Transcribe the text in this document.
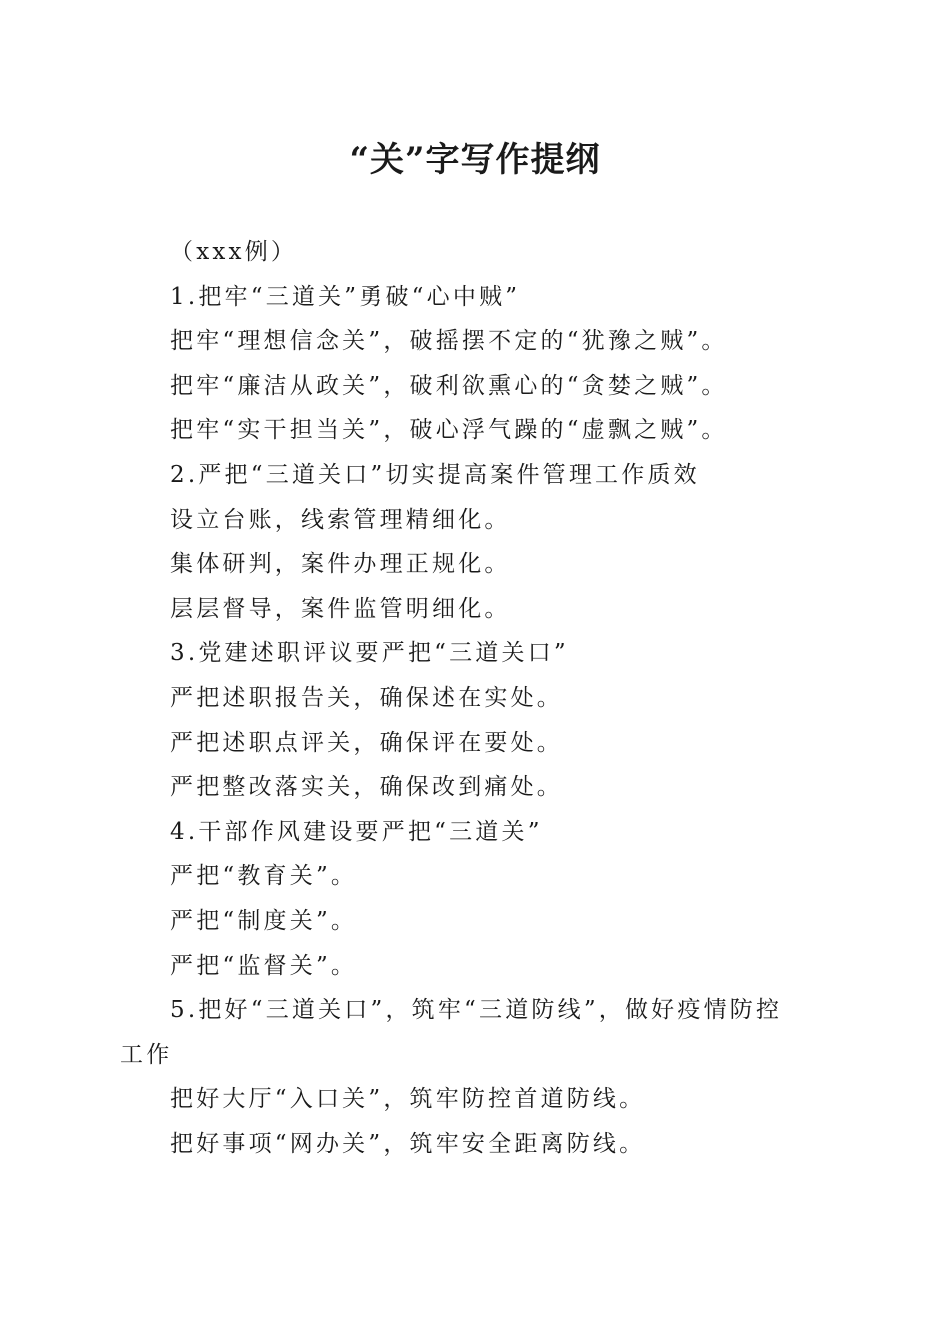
“关”字写作提纲

（xxx例）

1.把牢“三道关”勇破“心中贼”

把牢“理想信念关”，破摇摆不定的“犹豫之贼”。

把牢“廉洁从政关”，破利欲熏心的“贪婪之贼”。

把牢“实干担当关”，破心浮气躁的“虚飘之贼”。

2.严把“三道关口”切实提高案件管理工作质效

设立台账，线索管理精细化。

集体研判，案件办理正规化。

层层督导，案件监管明细化。

3.党建述职评议要严把“三道关口”

严把述职报告关，确保述在实处。

严把述职点评关，确保评在要处。

严把整改落实关，确保改到痛处。

4.干部作风建设要严把“三道关”

严把“教育关”。

严把“制度关”。

严把“监督关”。

5.把好“三道关口”，筑牢“三道防线”，做好疫情防控

工作

把好大厅“入口关”，筑牢防控首道防线。

把好事项“网办关”，筑牢安全距离防线。
